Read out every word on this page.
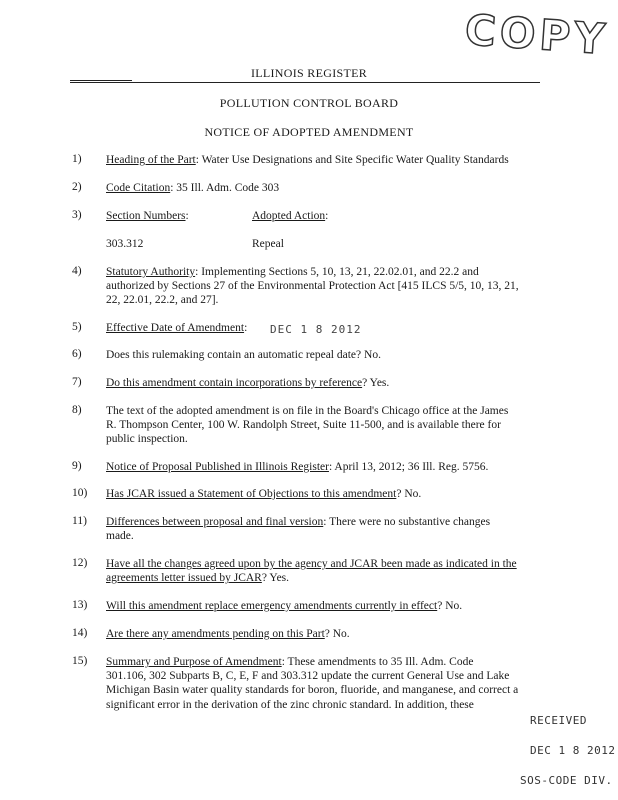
COPY
ILLINOIS REGISTER
POLLUTION CONTROL BOARD
NOTICE OF ADOPTED AMENDMENT
1) Heading of the Part: Water Use Designations and Site Specific Water Quality Standards
2) Code Citation: 35 Ill. Adm. Code 303
3) Section Numbers:	Adopted Action:
303.312	Repeal
4) Statutory Authority: Implementing Sections 5, 10, 13, 21, 22.02.01, and 22.2 and
authorized by Sections 27 of the Environmental Protection Act [415 ILCS 5/5, 10, 13, 21,
22, 22.01, 22.2, and 27].
5) Effective Date of Amendment: DEC 1 8 2012
6) Does this rulemaking contain an automatic repeal date? No.
7) Do this amendment contain incorporations by reference? Yes.
8) The text of the adopted amendment is on file in the Board's Chicago office at the James
R. Thompson Center, 100 W. Randolph Street, Suite 11-500, and is available there for
public inspection.
9) Notice of Proposal Published in Illinois Register: April 13, 2012; 36 Ill. Reg. 5756.
10) Has JCAR issued a Statement of Objections to this amendment? No.
11) Differences between proposal and final version: There were no substantive changes
made.
12) Have all the changes agreed upon by the agency and JCAR been made as indicated in the
agreements letter issued by JCAR? Yes.
13) Will this amendment replace emergency amendments currently in effect? No.
14) Are there any amendments pending on this Part? No.
15) Summary and Purpose of Amendment: These amendments to 35 Ill. Adm. Code
301.106, 302 Subparts B, C, E, F and 303.312 update the current General Use and Lake
Michigan Basin water quality standards for boron, fluoride, and manganese, and correct a
significant error in the derivation of the zinc chronic standard. In addition, these
RECEIVED
DEC 1 8 2012
SOS-CODE DIV.
